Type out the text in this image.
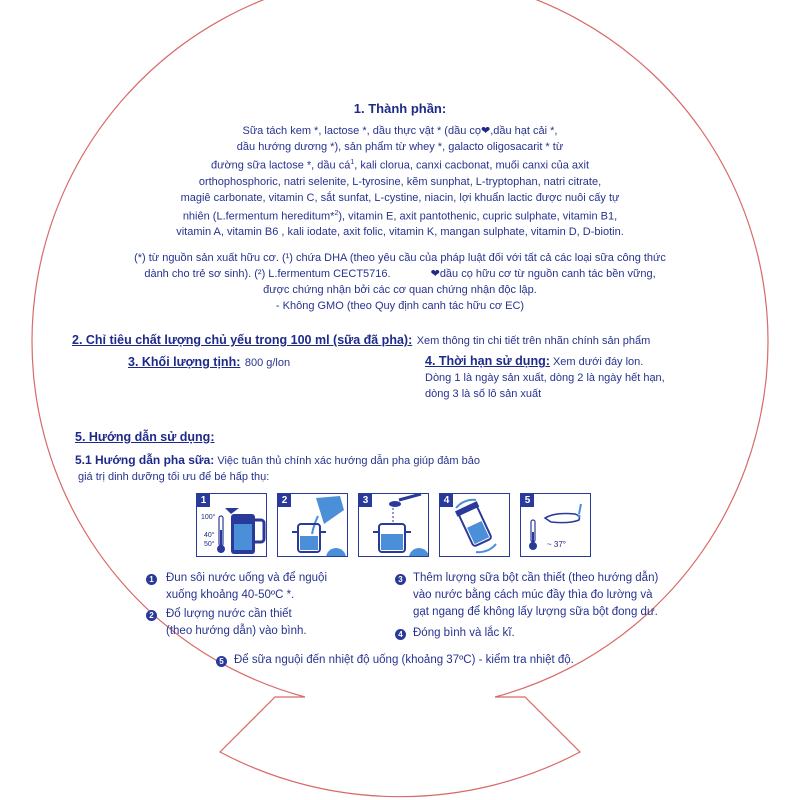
1. Thành phần:
Sữa tách kem *, lactose *, dầu thực vật * (dầu cọ❤,dầu hạt cải *,
dầu hướng dương *), sản phẩm từ whey *, galacto oligosacarit * từ
đường sữa lactose *, dầu $cá^1$, kali clorua, canxi cacbonat, muối canxi của axit
orthophosphoric, natri selenite, L-tyrosine, kẽm sunphat, L-tryptophan, natri citrate,
magiê carbonate, vitamin C, sắt sunfat, L-cystine, niacin, lợi khuẩn lactic được nuôi cấy tự
nhiên (L.fermentum hereditum*$^2$), vitamin E, axit pantothenic, cupric sulphate, vitamin B1,
vitamin A, vitamin B6 , kali iodate, axit folic, vitamin K, mangan sulphate, vitamin D, D-biotin.
(*) từ nguồn sản xuất hữu cơ. (¹) chứa DHA (theo yêu cầu của pháp luật đối với tất cả các loại sữa công thức
dành cho trẻ sơ sinh). (²) L.fermentum CECT5716.	❤dầu cọ hữu cơ từ nguồn canh tác bền vững,
được chứng nhận bởi các cơ quan chứng nhận độc lập.
- Không GMO (theo Quy định canh tác hữu cơ EC)
2. Chỉ tiêu chất lượng chủ yếu trong 100 ml (sữa đã pha): Xem thông tin chi tiết trên nhãn chính sản phẩm
3. Khối lượng tịnh: 800 g/lon	4. Thời hạn sử dụng: Xem dưới đáy lon.
Dòng 1 là ngày sản xuất, dòng 2 là ngày hết hạn,
dòng 3 là số lô sản xuất
5. Hướng dẫn sử dụng:
5.1 Hướng dẫn pha sữa: Việc tuân thủ chính xác hướng dẫn pha giúp đảm bảo
giá trị dinh dưỡng tối ưu để bé hấp thụ:
1
100°
40°
50°
2	3	4	5
~ 37°
1 Đun sôi nước uống và để nguội
xuống khoảng 40-50ºC *.
2 Đổ lượng nước cần thiết
(theo hướng dẫn) vào bình.
3 Thêm lượng sữa bột cần thiết (theo hướng dẫn)
vào nước bằng cách múc đầy thìa đo lường và
gạt ngang để không lấy lượng sữa bột đong dư.
4 Đóng bình và lắc kĩ.
5 Để sữa nguội đến nhiệt độ uống (khoảng 37ºC) - kiểm tra nhiệt độ.
